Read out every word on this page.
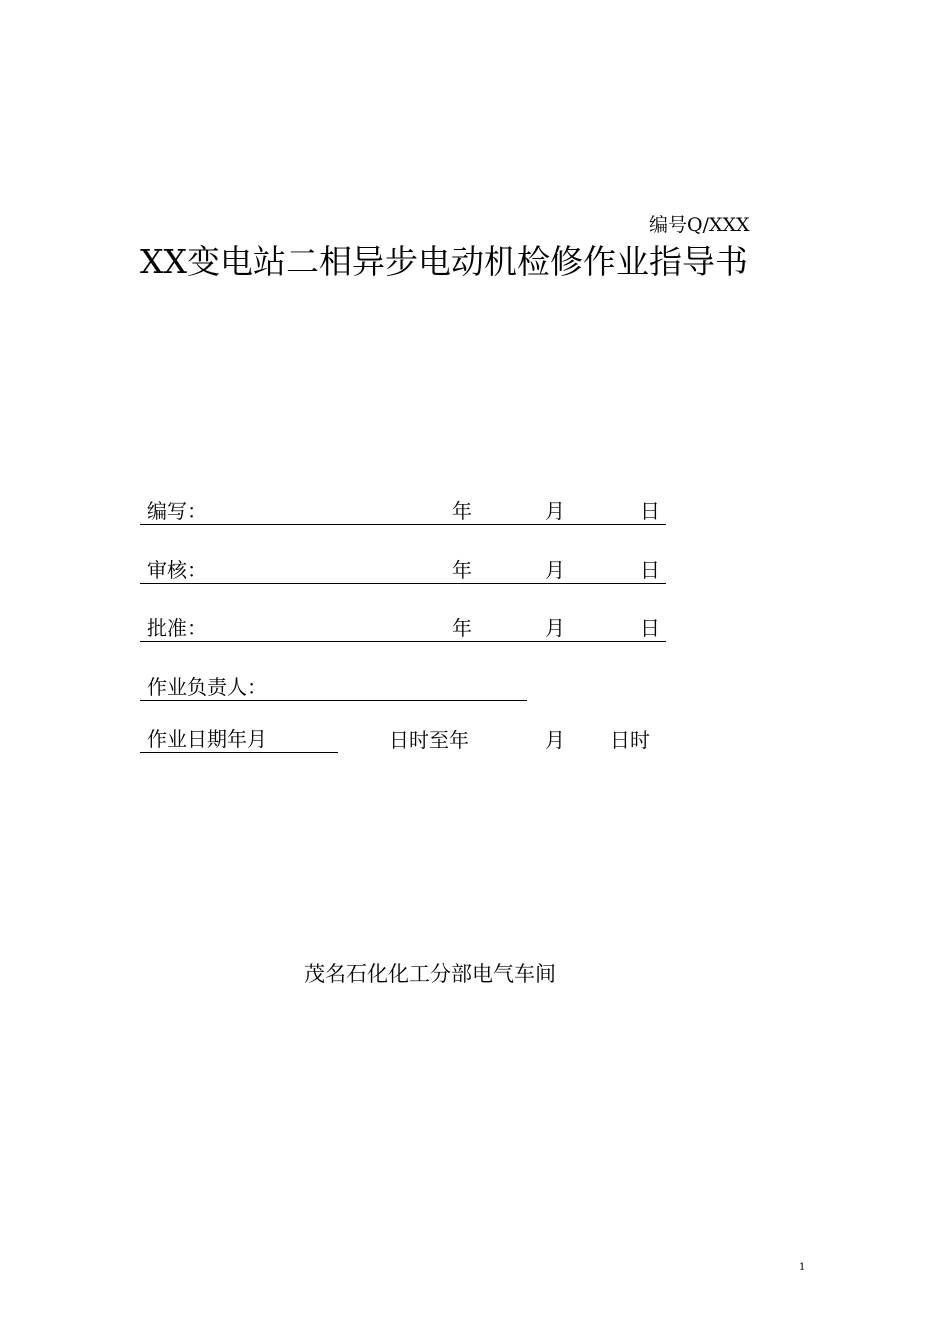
编号Q/XXX
XX变电站二相异步电动机检修作业指导书
编写：	年	月	日
审核：	年	月	日
批准：	年	月	日
作业负责人：
作业日期年月	日时至年	月 日时
茂名石化化工分部电气车间
1
